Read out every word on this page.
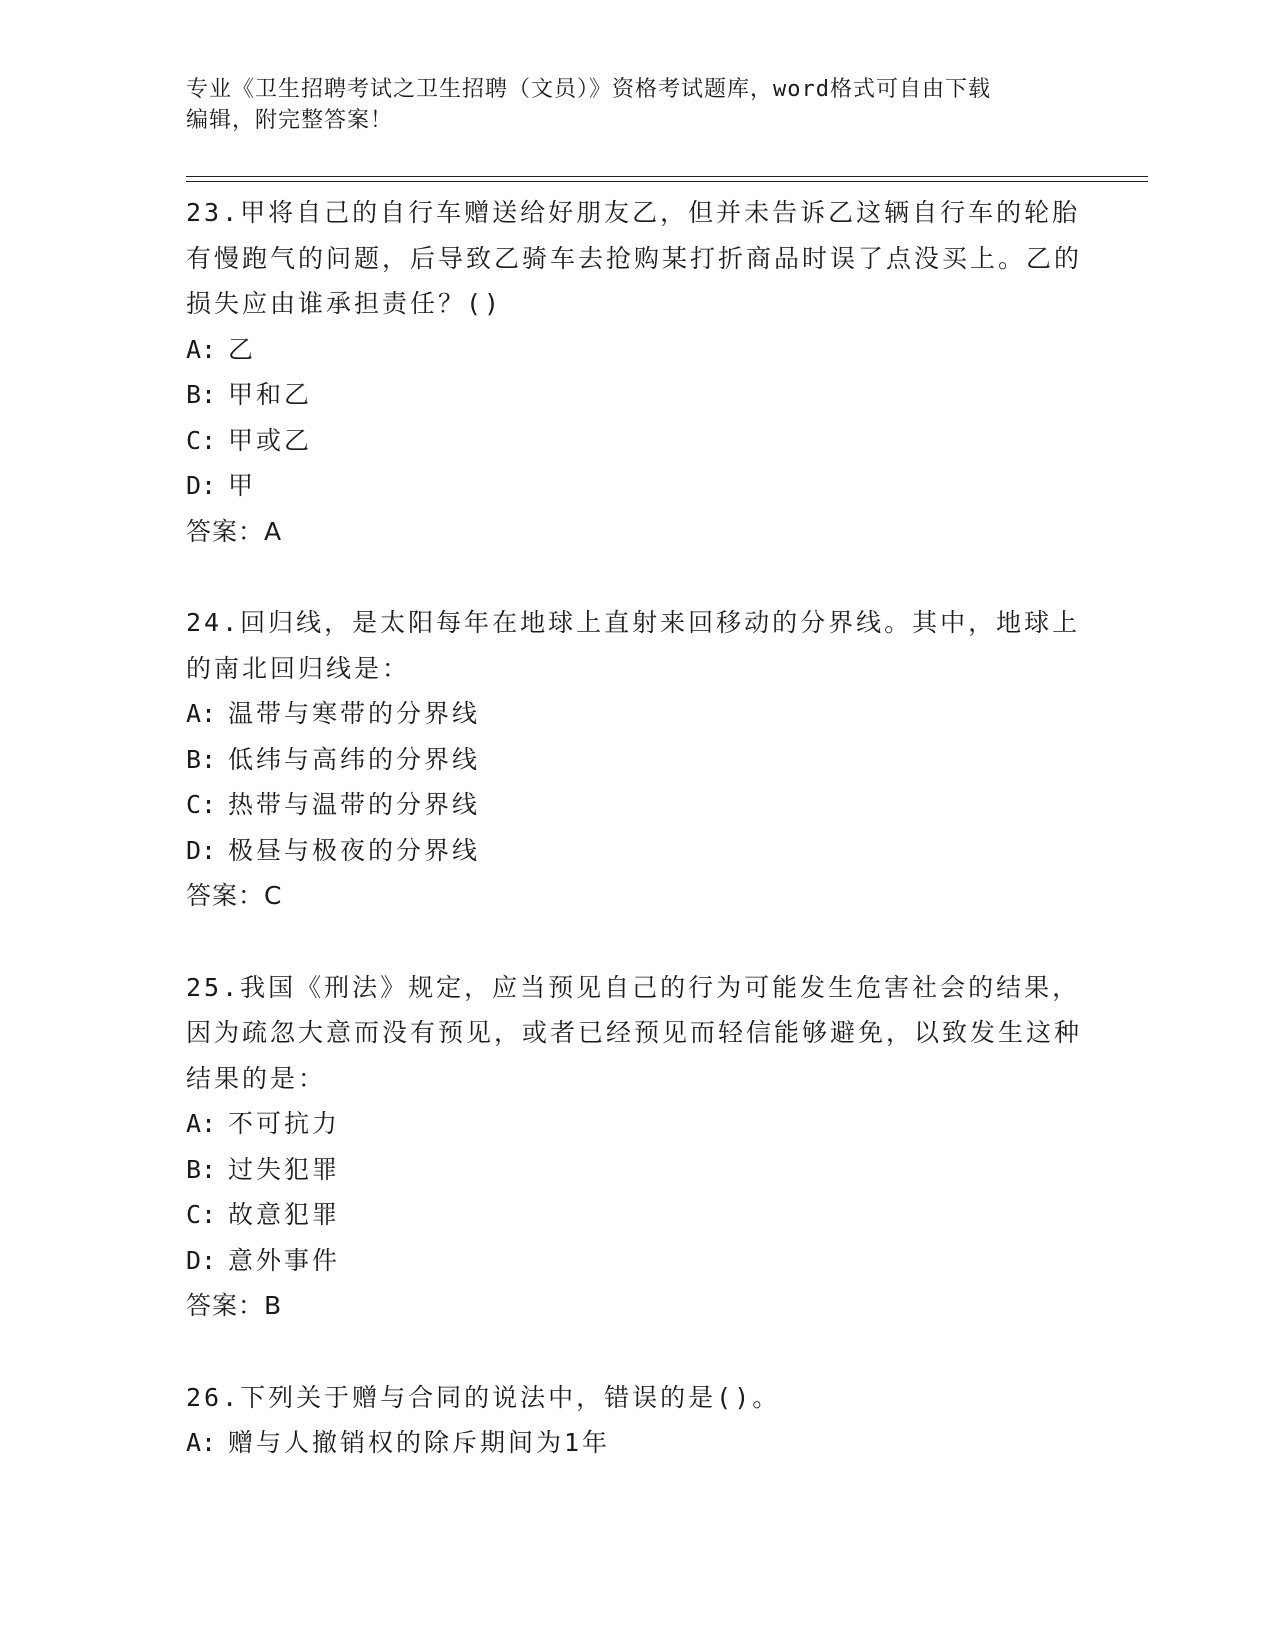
专业《卫生招聘考试之卫生招聘（文员）》资格考试题库，word格式可自由下载
编辑，附完整答案！

23.甲将自己的自行车赠送给好朋友乙，但并未告诉乙这辆自行车的轮胎有慢跑气的问题，后导致乙骑车去抢购某打折商品时误了点没买上。乙的损失应由谁承担责任？()

A: 乙
B: 甲和乙
C: 甲或乙
D: 甲

答案：A

24.回归线，是太阳每年在地球上直射来回移动的分界线。其中，地球上的南北回归线是：

A: 温带与寒带的分界线
B: 低纬与高纬的分界线
C: 热带与温带的分界线
D: 极昼与极夜的分界线

答案：C

25.我国《刑法》规定，应当预见自己的行为可能发生危害社会的结果，因为疏忽大意而没有预见，或者已经预见而轻信能够避免，以致发生这种结果的是：

A: 不可抗力
B: 过失犯罪
C: 故意犯罪
D: 意外事件

答案：B

26.下列关于赠与合同的说法中，错误的是()。

A: 赠与人撤销权的除斥期间为1年
